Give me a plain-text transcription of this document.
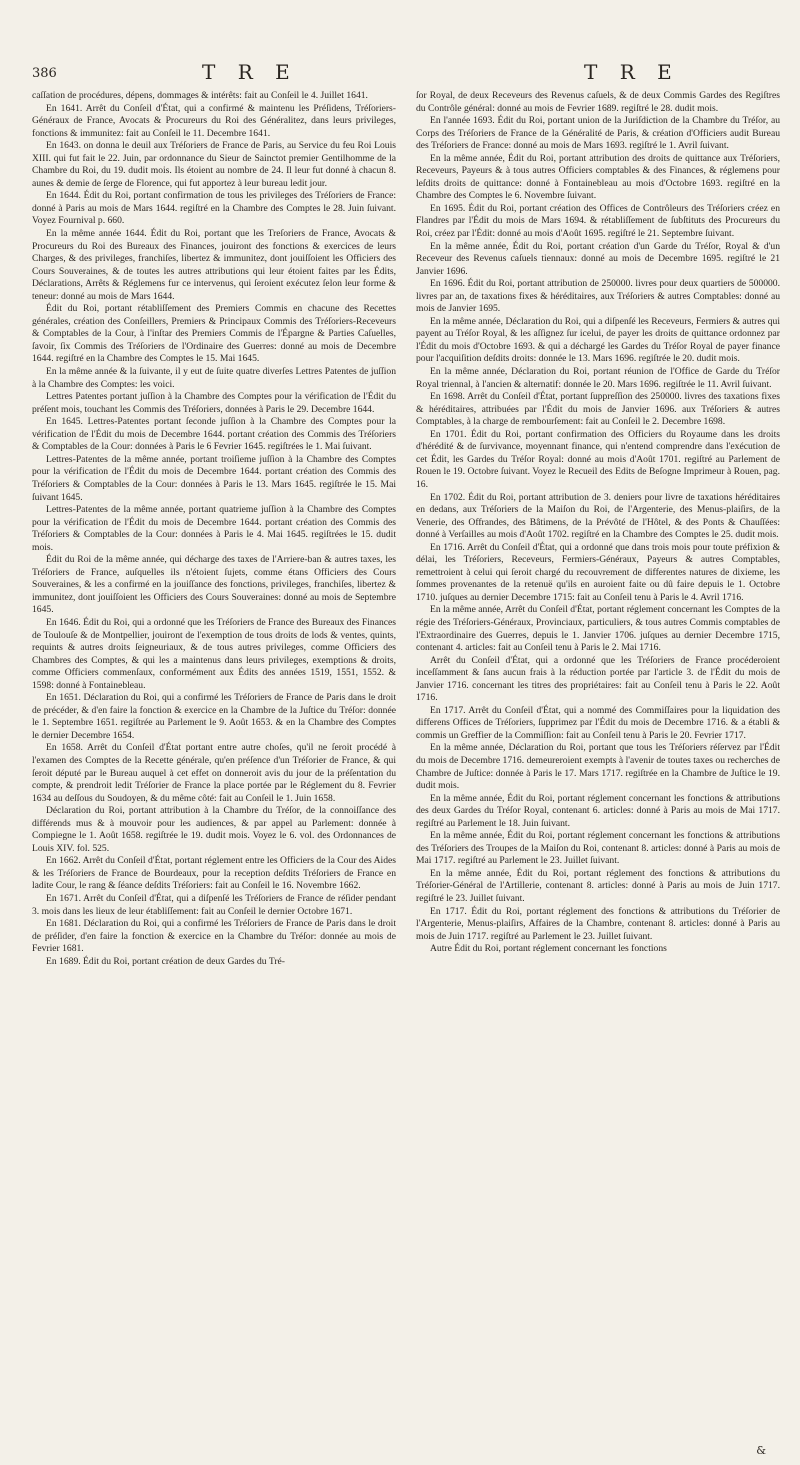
386	T R E	T R E

caſſation de procédures, dépens, dommages & intérêts: fait au Conſeil le 4. Juillet 1641.

En 1641. Arrêt du Conſeil d'État, qui a confirmé & maintenu les Préſidens, Tréſoriers-Généraux de France, Avocats & Procureurs du Roi des Généralitez, dans leurs privileges, fonctions & immunitez: fait au Conſeil le 11. Decembre 1641.

En 1643. on donna le deuil aux Tréſoriers de France de Paris, au Service du feu Roi Louis XIII. qui fut fait le 22. Juin, par ordonnance du Sieur de Sainctot premier Gentilhomme de la Chambre du Roi, du 19. dudit mois. Ils étoient au nombre de 24. Il leur fut donné à chacun 8. aunes & demie de ſerge de Florence, qui fut apportez à leur bureau ledit jour.

En 1644. Édit du Roi, portant confirmation de tous les privileges des Tréſoriers de France: donné à Paris au mois de Mars 1644. regiſtré en la Chambre des Comptes le 28. Juin ſuivant. Voyez Fournival p. 660.

En la même année 1644. Édit du Roi, portant que les Treſoriers de France, Avocats & Procureurs du Roi des Bureaux des Finances, jouiront des fonctions & exercices de leurs Charges, & des privileges, franchiſes, libertez & immunitez, dont jouiſſoient les Officiers des Cours Souveraines, & de toutes les autres attributions qui leur étoient faites par les Édits, Déclarations, Arrêts & Réglemens fur ce intervenus, qui ſeroient exécutez ſelon leur forme & teneur: donné au mois de Mars 1644.

Édit du Roi, portant rétabliſſement des Premiers Commis en chacune des Recettes générales, création des Conſeillers, Premiers & Principaux Commis des Tréſoriers-Receveurs & Comptables de la Cour, à l'inſtar des Premiers Commis de l'Épargne & Parties Caſuelles, ſavoir, ſix Commis des Tréſoriers de l'Ordinaire des Guerres: donné au mois de Decembre 1644. regiſtré en la Chambre des Comptes le 15. Mai 1645.

En la même année & la ſuivante, il y eut de ſuite quatre diverſes Lettres Patentes de juſſion à la Chambre des Comptes: les voici.

Lettres Patentes portant juſſion à la Chambre des Comptes pour la vérification de l'Édit du préſent mois, touchant les Commis des Tréſoriers, données à Paris le 29. Decembre 1644.

En 1645. Lettres-Patentes portant ſeconde juſſion à la Chambre des Comptes pour la vérification de l'Édit du mois de Decembre 1644. portant création des Commis des Tréſoriers & Comptables de la Cour: données à Paris le 6 Fevrier 1645. regiſtrées le 1. Mai ſuivant.

Lettres-Patentes de la même année, portant troiſieme juſſion à la Chambre des Comptes pour la vérification de l'Édit du mois de Decembre 1644. portant création des Commis des Tréſoriers & Comptables de la Cour: données à Paris le 13. Mars 1645. regiſtrée le 15. Mai ſuivant 1645.

Lettres-Patentes de la même année, portant quatrieme juſſion à la Chambre des Comptes pour la vérification de l'Édit du mois de Decembre 1644. portant création des Commis des Tréſoriers & Comptables de la Cour: données à Paris le 4. Mai 1645. regiſtrées le 15. dudit mois.

Édit du Roi de la même année, qui décharge des taxes de l'Arriere-ban & autres taxes, les Tréſoriers de France, auſquelles ils n'étoient ſujets, comme étans Officiers des Cours Souveraines, & les a confirmé en la jouiſſance des fonctions, privileges, franchiſes, libertez & immunitez, dont jouiſſoient les Officiers des Cours Souveraines: donné au mois de Septembre 1645.

En 1646. Édit du Roi, qui a ordonné que les Tréſoriers de France des Bureaux des Finances de Toulouſe & de Montpellier, jouiront de l'exemption de tous droits de lods & ventes, quints, requints & autres droits ſeigneuriaux, & de tous autres privileges, comme Officiers des Chambres des Comptes, & qui les a maintenus dans leurs privileges, exemptions & droits, comme Officiers commenſaux, conformément aux Édits des années 1519, 1551, 1552. & 1598: donné à Fontainebleau.

En 1651. Déclaration du Roi, qui a confirmé les Tréſoriers de France de Paris dans le droit de précéder, & d'en faire la fonction & exercice en la Chambre de la Juſtice du Tréſor: donnée le 1. Septembre 1651. regiſtrée au Parlement le 9. Août 1653. & en la Chambre des Comptes le dernier Decembre 1654.

En 1658. Arrêt du Conſeil d'État portant entre autre choſes, qu'il ne ſeroit procédé à l'examen des Comptes de la Recette générale, qu'en préſence d'un Tréſorier de France, & qui ſeroit député par le Bureau auquel à cet effet on donneroit avis du jour de la préſentation du compte, & prendroit ledit Tréſorier de France la place portée par le Réglement du 8. Fevrier 1634 au deſſous du Soudoyen, & du même côté: fait au Conſeil le 1. Juin 1658.

Déclaration du Roi, portant attribution à la Chambre du Tréſor, de la connoiſſance des différends mus & à mouvoir pour les audiences, & par appel au Parlement: donnée à Compiegne le 1. Août 1658. regiſtrée le 19. dudit mois. Voyez le 6. vol. des Ordonnances de Louis XIV. fol. 525.

En 1662. Arrêt du Conſeil d'État, portant réglement entre les Officiers de la Cour des Aides & les Tréſoriers de France de Bourdeaux, pour la reception deſdits Tréſoriers de France en ladite Cour, le rang & ſéance deſdits Tréſoriers: fait au Conſeil le 16. Novembre 1662.

En 1671. Arrêt du Conſeil d'État, qui a diſpenſé les Tréſoriers de France de réſider pendant 3. mois dans les lieux de leur établiſſement: fait au Conſeil le dernier Octobre 1671.

En 1681. Déclaration du Roi, qui a confirmé les Tréſoriers de France de Paris dans le droit de préſider, d'en faire la fonction & exercice en la Chambre du Tréſor: donnée au mois de Fevrier 1681.

En 1689. Édit du Roi, portant création de deux Gardes du Tré-

ſor Royal, de deux Receveurs des Revenus caſuels, & de deux Commis Gardes des Regiſtres du Contrôle général: donné au mois de Fevrier 1689. regiſtré le 28. dudit mois.

En l'année 1693. Édit du Roi, portant union de la Juriſdiction de la Chambre du Tréſor, au Corps des Tréſoriers de France de la Généralité de Paris, & création d'Officiers audit Bureau des Tréſoriers de France: donné au mois de Mars 1693. regiſtré le 1. Avril ſuivant.

En la même année, Édit du Roi, portant attribution des droits de quittance aux Tréſoriers, Receveurs, Payeurs & à tous autres Officiers comptables & des Finances, & réglemens pour leſdits droits de quittance: donné à Fontainebleau au mois d'Octobre 1693. regiſtré en la Chambre des Comptes le 6. Novembre ſuivant.

En 1695. Édit du Roi, portant création des Offices de Contrôleurs des Tréſoriers créez en Flandres par l'Édit du mois de Mars 1694. & rétabliſſement de ſubſtituts des Procureurs du Roi, créez par l'Édit: donné au mois d'Août 1695. regiſtré le 21. Septembre ſuivant.

En la même année, Édit du Roi, portant création d'un Garde du Tréſor, Royal & d'un Receveur des Revenus caſuels tiennaux: donné au mois de Decembre 1695. regiſtré le 21 Janvier 1696.

En 1696. Édit du Roi, portant attribution de 250000. livres pour deux quartiers de 500000. livres par an, de taxations fixes & héréditaires, aux Tréſoriers & autres Comptables: donné au mois de Janvier 1695.

En la même année, Déclaration du Roi, qui a diſpenſé les Receveurs, Fermiers & autres qui payent au Tréſor Royal, & les aſſignez ſur icelui, de payer les droits de quittance ordonnez par l'Édit du mois d'Octobre 1693. & qui a déchargé les Gardes du Tréſor Royal de payer finance pour l'acquiſition deſdits droits: donnée le 13. Mars 1696. regiſtrée le 20. dudit mois.

En la même année, Déclaration du Roi, portant réunion de l'Office de Garde du Tréſor Royal triennal, à l'ancien & alternatif: donnée le 20. Mars 1696. regiſtrée le 11. Avril ſuivant.

En 1698. Arrêt du Conſeil d'État, portant ſuppreſſion des 250000. livres des taxations fixes & héréditaires, attribuées par l'Édit du mois de Janvier 1696. aux Tréſoriers & autres Comptables, à la charge de rembourſement: fait au Conſeil le 2. Decembre 1698.

En 1701. Édit du Roi, portant confirmation des Officiers du Royaume dans les droits d'hérédité & de ſurvivance, moyennant finance, qui n'entend comprendre dans l'exécution de cet Édit, les Gardes du Tréſor Royal: donné au mois d'Août 1701. regiſtré au Parlement de Rouen le 19. Octobre ſuivant. Voyez le Recueil des Edits de Beſogne Imprimeur à Rouen, pag. 16.

En 1702. Édit du Roi, portant attribution de 3. deniers pour livre de taxations héréditaires en dedans, aux Tréſoriers de la Maiſon du Roi, de l'Argenterie, des Menus-plaiſirs, de la Venerie, des Offrandes, des Bâtimens, de la Prévôté de l'Hôtel, & des Ponts & Chauſſées: donné à Verſailles au mois d'Août 1702. regiſtré en la Chambre des Comptes le 25. dudit mois.

En 1716. Arrêt du Conſeil d'État, qui a ordonné que dans trois mois pour toute préfixion & délai, les Tréſoriers, Receveurs, Fermiers-Généraux, Payeurs & autres Comptables, remettroient à celui qui ſeroit chargé du recouvrement de differentes natures de dixieme, les ſommes provenantes de la retenuë qu'ils en auroient faite ou dû faire depuis le 1. Octobre 1710. juſques au dernier Decembre 1715: fait au Conſeil tenu à Paris le 4. Avril 1716.

En la même année, Arrêt du Conſeil d'État, portant réglement concernant les Comptes de la régie des Tréſoriers-Généraux, Provinciaux, particuliers, & tous autres Commis comptables de l'Extraordinaire des Guerres, depuis le 1. Janvier 1706. juſques au dernier Decembre 1715, contenant 4. articles: fait au Conſeil tenu à Paris le 2. Mai 1716.

Arrêt du Conſeil d'État, qui a ordonné que les Tréſoriers de France procéderoient inceſſamment & ſans aucun frais à la réduction portée par l'article 3. de l'Édit du mois de Janvier 1716. concernant les titres des propriétaires: fait au Conſeil tenu à Paris le 22. Août 1716.

En 1717. Arrêt du Conſeil d'État, qui a nommé des Commiſſaires pour la liquidation des differens Offices de Tréſoriers, ſupprimez par l'Édit du mois de Decembre 1716. & a établi & commis un Greffier de la Commiſſion: fait au Conſeil tenu à Paris le 20. Fevrier 1717.

En la même année, Déclaration du Roi, portant que tous les Tréſoriers réſervez par l'Édit du mois de Decembre 1716. demeureroient exempts à l'avenir de toutes taxes ou recherches de Chambre de Juſtice: donnée à Paris le 17. Mars 1717. regiſtrée en la Chambre de Juſtice le 19. dudit mois.

En la même année, Édit du Roi, portant réglement concernant les fonctions & attributions des deux Gardes du Tréſor Royal, contenant 6. articles: donné à Paris au mois de Mai 1717. regiſtré au Parlement le 18. Juin ſuivant.

En la même année, Édit du Roi, portant réglement concernant les fonctions & attributions des Tréſoriers des Troupes de la Maiſon du Roi, contenant 8. articles: donné à Paris au mois de Mai 1717. regiſtré au Parlement le 23. Juillet ſuivant.

En la même année, Édit du Roi, portant réglement des fonctions & attributions du Tréſorier-Général de l'Artillerie, contenant 8. articles: donné à Paris au mois de Juin 1717. regiſtré le 23. Juillet ſuivant.

En 1717. Édit du Roi, portant réglement des fonctions & attributions du Tréſorier de l'Argenterie, Menus-plaiſirs, Affaires de la Chambre, contenant 8. articles: donné à Paris au mois de Juin 1717. regiſtré au Parlement le 23. Juillet ſuivant.

Autre Édit du Roi, portant réglement concernant les fonctions

&
